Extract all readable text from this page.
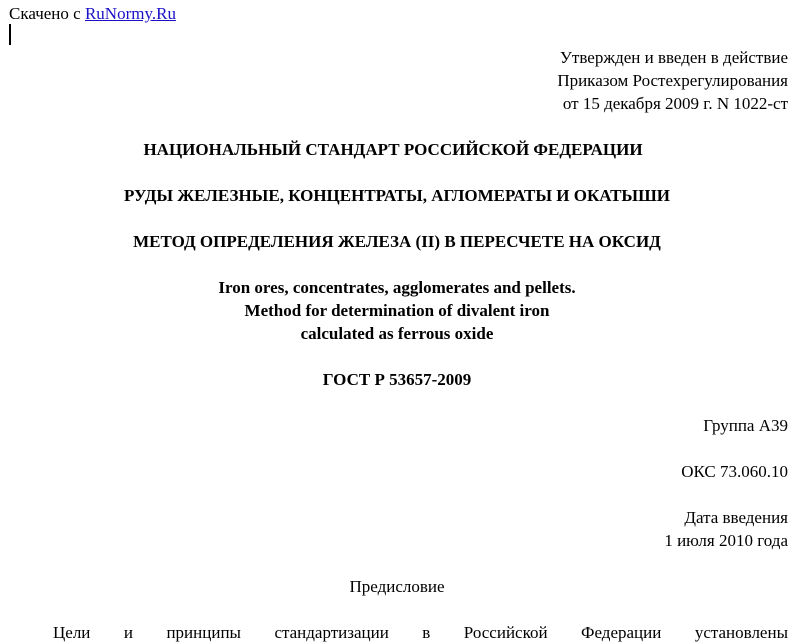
Скачено с RuNormy.Ru
Утвержден и введен в действие
Приказом Ростехрегулирования
от 15 декабря 2009 г. N 1022-ст
НАЦИОНАЛЬНЫЙ СТАНДАРТ РОССИЙСКОЙ ФЕДЕРАЦИИ
РУДЫ ЖЕЛЕЗНЫЕ, КОНЦЕНТРАТЫ, АГЛОМЕРАТЫ И ОКАТЫШИ
МЕТОД ОПРЕДЕЛЕНИЯ ЖЕЛЕЗА (II) В ПЕРЕСЧЕТЕ НА ОКСИД
Iron ores, concentrates, agglomerates and pellets.
Method for determination of divalent iron
calculated as ferrous oxide
ГОСТ Р 53657-2009
Группа А39
ОКС 73.060.10
Дата введения
1 июля 2010 года
Предисловие
Цели и принципы стандартизации в Российской Федерации установлены
